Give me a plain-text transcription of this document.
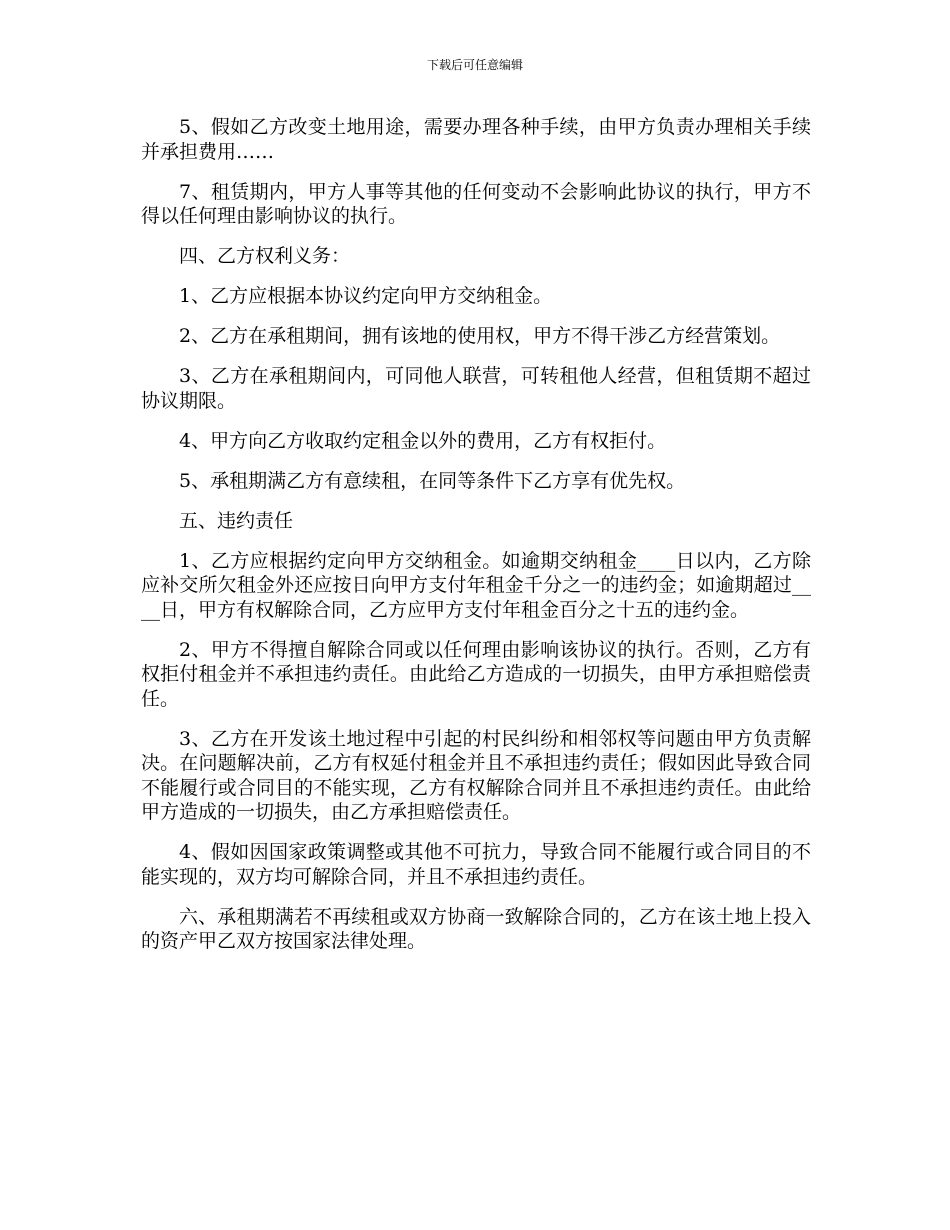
下载后可任意编辑

5、假如乙方改变土地用途，需要办理各种手续，由甲方负责办理相关手续并承担费用……

7、租赁期内，甲方人事等其他的任何变动不会影响此协议的执行，甲方不得以任何理由影响协议的执行。

四、乙方权利义务：

1、乙方应根据本协议约定向甲方交纳租金。

2、乙方在承租期间，拥有该地的使用权，甲方不得干涉乙方经营策划。

3、乙方在承租期间内，可同他人联营，可转租他人经营，但租赁期不超过协议期限。

4、甲方向乙方收取约定租金以外的费用，乙方有权拒付。

5、承租期满乙方有意续租，在同等条件下乙方享有优先权。

五、违约责任

1、乙方应根据约定向甲方交纳租金。如逾期交纳租金____日以内，乙方除应补交所欠租金外还应按日向甲方支付年租金千分之一的违约金；如逾期超过____日，甲方有权解除合同，乙方应甲方支付年租金百分之十五的违约金。

2、甲方不得擅自解除合同或以任何理由影响该协议的执行。否则，乙方有权拒付租金并不承担违约责任。由此给乙方造成的一切损失，由甲方承担赔偿责任。

3、乙方在开发该土地过程中引起的村民纠纷和相邻权等问题由甲方负责解决。在问题解决前，乙方有权延付租金并且不承担违约责任；假如因此导致合同不能履行或合同目的不能实现，乙方有权解除合同并且不承担违约责任。由此给甲方造成的一切损失，由乙方承担赔偿责任。

4、假如因国家政策调整或其他不可抗力，导致合同不能履行或合同目的不能实现的，双方均可解除合同，并且不承担违约责任。

六、承租期满若不再续租或双方协商一致解除合同的，乙方在该土地上投入的资产甲乙双方按国家法律处理。
